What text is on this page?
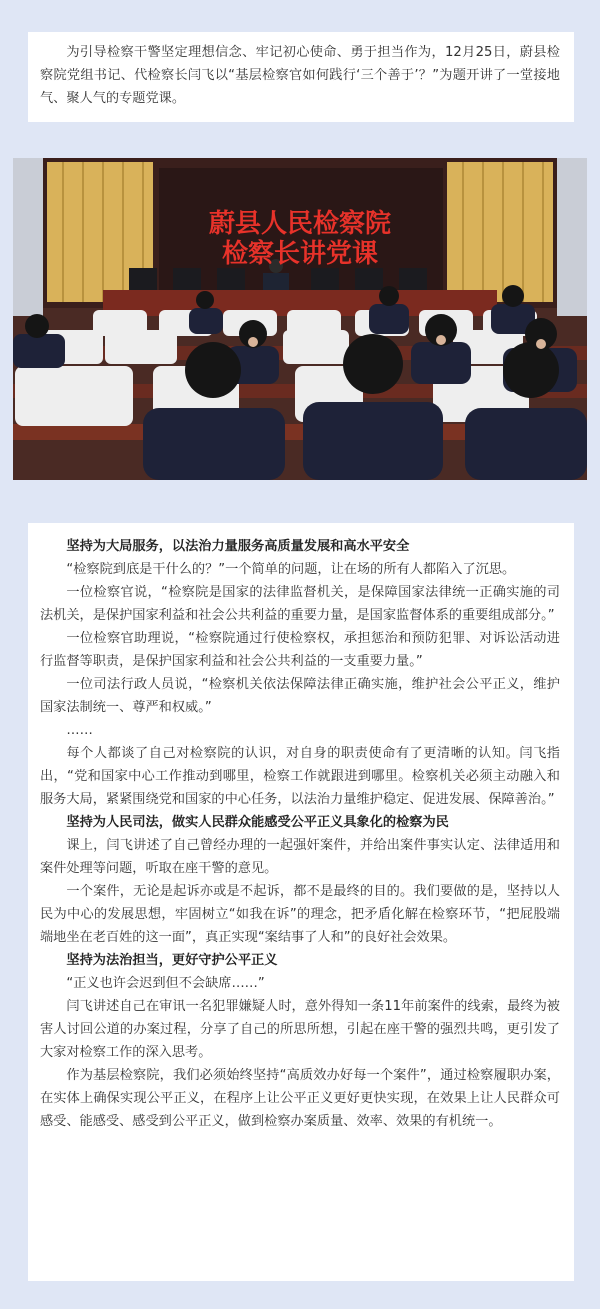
为引导检察干警坚定理想信念、牢记初心使命、勇于担当作为，12月25日，蔚县检察院党组书记、代检察长闫飞以“基层检察官如何践行‘三个善于’？”为题开讲了一堂接地气、聚人气的专题党课。

蔚县人民检察院
检察长讲党课

坚持为大局服务，以法治力量服务高质量发展和高水平安全

“检察院到底是干什么的？”一个简单的问题，让在场的所有人都陷入了沉思。

一位检察官说，“检察院是国家的法律监督机关，是保障国家法律统一正确实施的司法机关，是保护国家利益和社会公共利益的重要力量，是国家监督体系的重要组成部分。”

一位检察官助理说，“检察院通过行使检察权，承担惩治和预防犯罪、对诉讼活动进行监督等职责，是保护国家利益和社会公共利益的一支重要力量。”

一位司法行政人员说，“检察机关依法保障法律正确实施，维护社会公平正义，维护国家法制统一、尊严和权威。”

……

每个人都谈了自己对检察院的认识，对自身的职责使命有了更清晰的认知。闫飞指出，“党和国家中心工作推动到哪里，检察工作就跟进到哪里。检察机关必须主动融入和服务大局，紧紧围绕党和国家的中心任务，以法治力量维护稳定、促进发展、保障善治。”

坚持为人民司法，做实人民群众能感受公平正义具象化的检察为民

课上，闫飞讲述了自己曾经办理的一起强奸案件，并给出案件事实认定、法律适用和案件处理等问题，听取在座干警的意见。

一个案件，无论是起诉亦或是不起诉，都不是最终的目的。我们要做的是，坚持以人民为中心的发展思想，牢固树立“如我在诉”的理念，把矛盾化解在检察环节，“把屁股端端地坐在老百姓的这一面”，真正实现“案结事了人和”的良好社会效果。

坚持为法治担当，更好守护公平正义

“正义也许会迟到但不会缺席……”

闫飞讲述自己在审讯一名犯罪嫌疑人时，意外得知一条11年前案件的线索，最终为被害人讨回公道的办案过程，分享了自己的所思所想，引起在座干警的强烈共鸣，更引发了大家对检察工作的深入思考。

作为基层检察院，我们必须始终坚持“高质效办好每一个案件”，通过检察履职办案，在实体上确保实现公平正义，在程序上让公平正义更好更快实现，在效果上让人民群众可感受、能感受、感受到公平正义，做到检察办案质量、效率、效果的有机统一。
